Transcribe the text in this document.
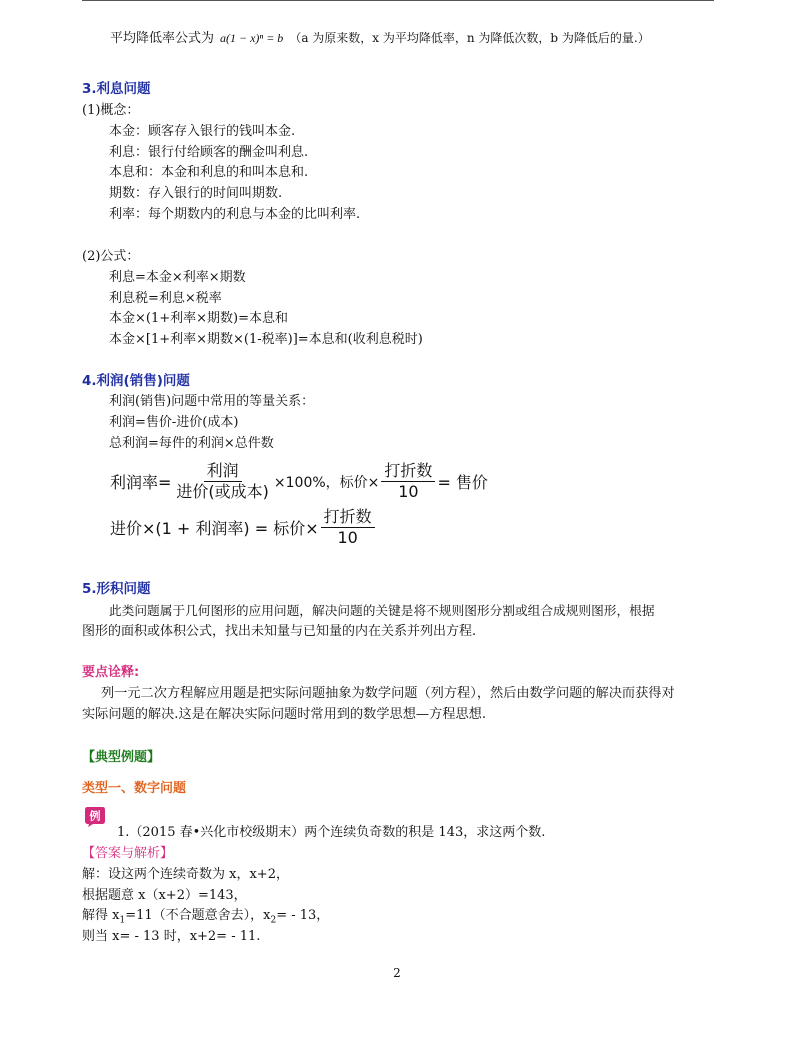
平均降低率公式为 a(1 − x)ⁿ = b （a 为原来数，x 为平均降低率，n 为降低次数，b 为降低后的量.）
3.利息问题
(1)概念：
本金：顾客存入银行的钱叫本金.
利息：银行付给顾客的酬金叫利息.
本息和：本金和利息的和叫本息和.
期数：存入银行的时间叫期数.
利率：每个期数内的利息与本金的比叫利率.
(2)公式：
利息=本金×利率×期数
利息税=利息×税率
本金×(1+利率×期数)=本息和
本金×[1+利率×期数×(1-税率)]=本息和(收利息税时)
4.利润(销售)问题
利润(销售)问题中常用的等量关系：
利润=售价-进价(成本)
总利润=每件的利润×总件数
利润率= $\frac{\text{利润}}{\text{进价(或成本)}} \times 100\%$，标价× $\frac{\text{打折数}}{10}$ = 售价
进价×(1 + 利润率) = 标价× $\frac{\text{打折数}}{10}$
5.形积问题
此类问题属于几何图形的应用问题，解决问题的关键是将不规则图形分割或组合成规则图形，根据
图形的面积或体积公式，找出未知量与已知量的内在关系并列出方程.
要点诠释:
列一元二次方程解应用题是把实际问题抽象为数学问题（列方程），然后由数学问题的解决而获得对
实际问题的解决.这是在解决实际问题时常用到的数学思想—方程思想.
【典型例题】
类型一、数字问题
例
1.（2015 春•兴化市校级期末）两个连续负奇数的积是 143，求这两个数.
【答案与解析】
解：设这两个连续奇数为 x，x+2，
根据题意 x（x+2）=143，
解得 $x_1=11$（不合题意舍去），$x_2= - 13$，
则当 x= - 13 时，x+2= - 11.
2
